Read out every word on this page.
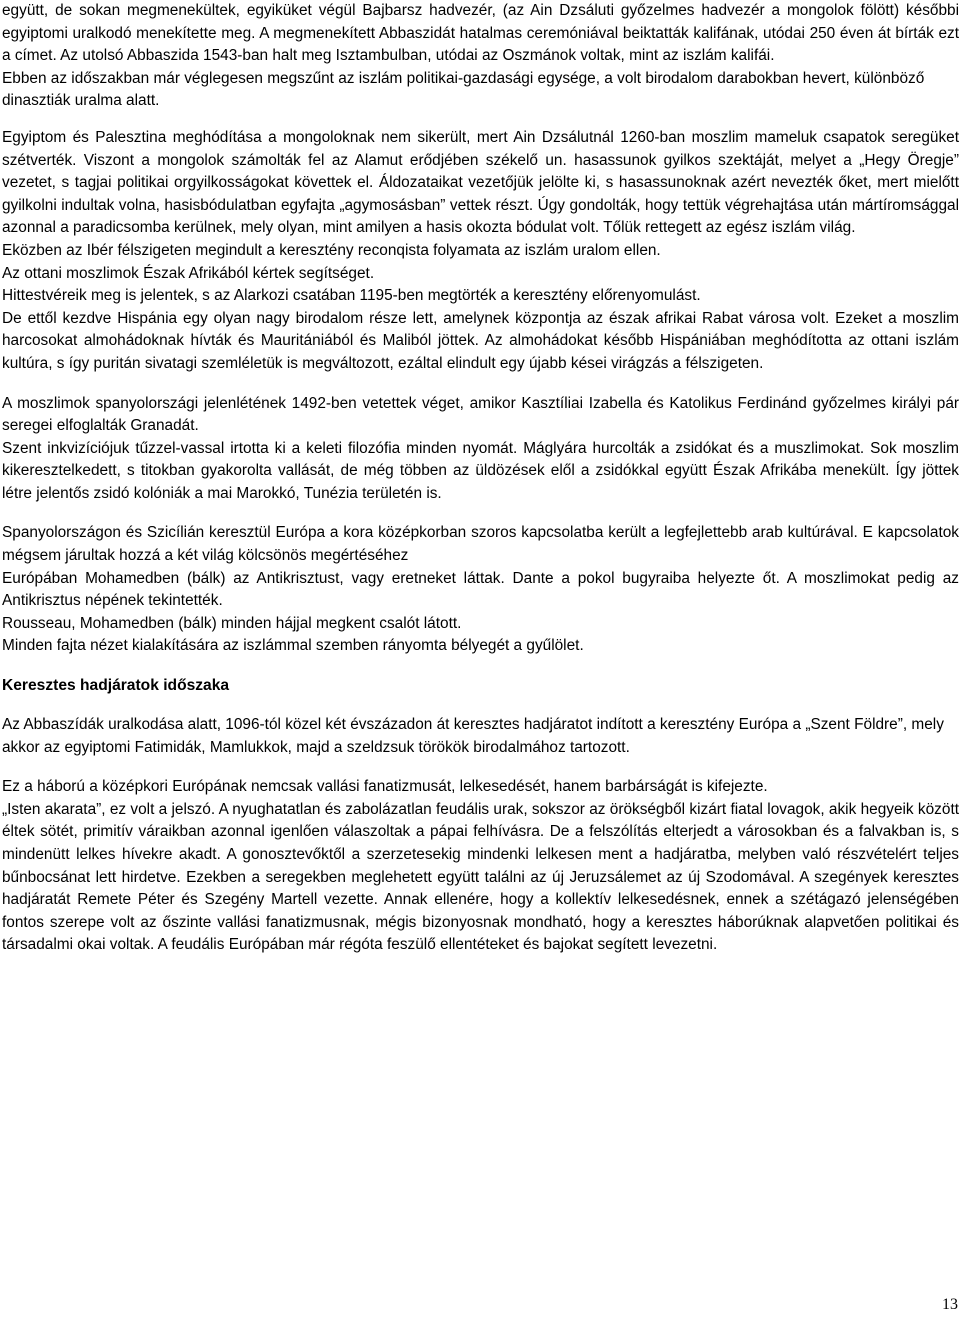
együtt, de sokan megmenekültek, egyiküket végül Bajbarsz hadvezér, (az Ain Dzsáluti győzelmes hadvezér a mongolok fölött) későbbi egyiptomi uralkodó menekítette meg. A megmenekített Abbaszidát hatalmas ceremóniával beiktatták kalifának, utódai 250 éven át bírták ezt a címet. Az utolsó Abbaszida 1543-ban halt meg Isztambulban, utódai az Oszmánok voltak, mint az iszlám kalifái.

Ebben az időszakban már véglegesen megszűnt az iszlám politikai-gazdasági egysége, a volt birodalom darabokban hevert, különböző dinasztiák uralma alatt.

Egyiptom és Palesztina meghódítása a mongoloknak nem sikerült, mert Ain Dzsálutnál 1260-ban moszlim mameluk csapatok seregüket szétverték. Viszont a mongolok számolták fel az Alamut erődjében székelő un. hasassunok gyilkos szektáját, melyet a „Hegy Öregje” vezetet, s tagjai politikai orgyilkosságokat követtek el. Áldozataikat vezetőjük jelölte ki, s hasassunoknak azért nevezték őket, mert mielőtt gyilkolni indultak volna, hasisbódulatban egyfajta „agymosásban” vettek részt. Úgy gondolták, hogy tettük végrehajtása után mártíromsággal azonnal a paradicsomba kerülnek, mely olyan, mint amilyen a hasis okozta bódulat volt. Tőlük rettegett az egész iszlám világ.

Eközben az Ibér félszigeten megindult a keresztény reconqista folyamata az iszlám uralom ellen.

Az ottani moszlimok Észak Afrikából kértek segítséget.

Hittestvéreik meg is jelentek, s az Alarkozi csatában 1195-ben megtörték a keresztény előrenyomulást.

De ettől kezdve Hispánia egy olyan nagy birodalom része lett, amelynek központja az észak afrikai Rabat városa volt. Ezeket a moszlim harcosokat almohádoknak hívták és Mauritániából és Maliból jöttek. Az almohádokat később Hispániában meghódította az ottani iszlám kultúra, s így puritán sivatagi szemléletük is megváltozott, ezáltal elindult egy újabb kései virágzás a félszigeten.

A moszlimok spanyolországi jelenlétének 1492-ben vetettek véget, amikor Kasztíliai Izabella és Katolikus Ferdinánd győzelmes királyi pár seregei elfoglalták Granadát.

Szent inkvizíciójuk tűzzel-vassal irtotta ki a keleti filozófia minden nyomát. Máglyára hurcolták a zsidókat és a muszlimokat. Sok moszlim kikeresztelkedett, s titokban gyakorolta vallását, de még többen az üldözések elől a zsidókkal együtt Észak Afrikába menekült. Így jöttek létre jelentős zsidó kolóniák a mai Marokkó, Tunézia területén is.

Spanyolországon és Szicílián keresztül Európa a kora középkorban szoros kapcsolatba került a legfejlettebb arab kultúrával. E kapcsolatok mégsem járultak hozzá a két világ kölcsönös megértéséhez

Európában Mohamedben (bálk) az Antikrisztust, vagy eretneket láttak. Dante a pokol bugyraiba helyezte őt. A moszlimokat pedig az Antikrisztus népének tekintették.

Rousseau, Mohamedben (bálk) minden hájjal megkent csalót látott.

Minden fajta nézet kialakítására az iszlámmal szemben rányomta bélyegét a gyűlölet.

Keresztes hadjáratok időszaka

Az Abbaszídák uralkodása alatt, 1096-tól közel két évszázadon át keresztes hadjáratot indított a keresztény Európa a „Szent Földre”, mely akkor az egyiptomi Fatimidák, Mamlukkok, majd a szeldzsuk törökök birodalmához tartozott.

Ez a háború a középkori Európának nemcsak vallási fanatizmusát, lelkesedését, hanem barbárságát is kifejezte.

„Isten akarata”, ez volt a jelszó. A nyughatatlan és zabolázatlan feudális urak, sokszor az örökségből kizárt fiatal lovagok, akik hegyeik között éltek sötét, primitív váraikban azonnal igenlően válaszoltak a pápai felhívásra. De a felszólítás elterjedt a városokban és a falvakban is, s mindenütt lelkes hívekre akadt. A gonosztevőktől a szerzetesekig mindenki lelkesen ment a hadjáratba, melyben való részvételért teljes bűnbocsánat lett hirdetve. Ezekben a seregekben meglehetett együtt találni az új Jeruzsálemet az új Szodomával. A szegények keresztes hadjáratát Remete Péter és Szegény Martell vezette. Annak ellenére, hogy a kollektív lelkesedésnek, ennek a szétágazó jelenségében fontos szerepe volt az őszinte vallási fanatizmusnak, mégis bizonyosnak mondható, hogy a keresztes háborúknak alapvetően politikai és társadalmi okai voltak. A feudális Európában már régóta feszülő ellentéteket és bajokat segített levezetni.

13
